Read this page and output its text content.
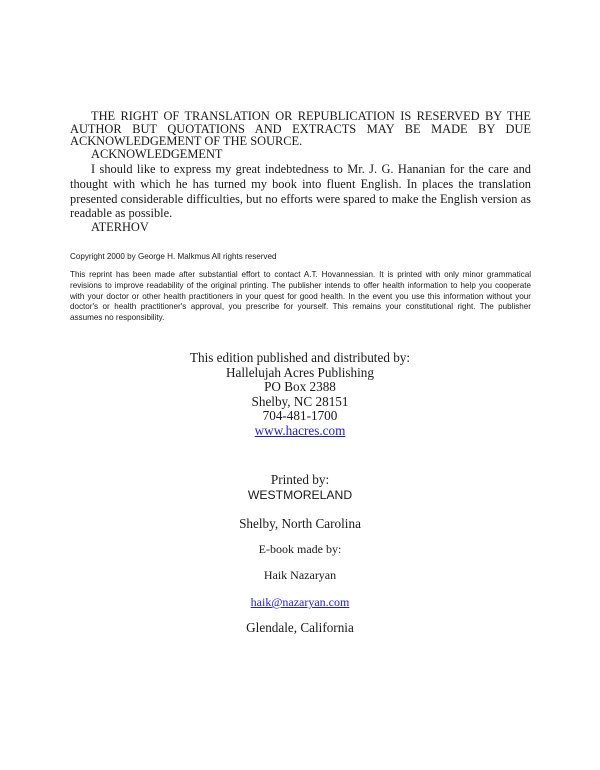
THE RIGHT OF TRANSLATION OR REPUBLICATION IS RESERVED BY THE AUTHOR BUT QUOTATIONS AND EXTRACTS MAY BE MADE BY DUE ACKNOWLEDGEMENT OF THE SOURCE.

ACKNOWLEDGEMENT

I should like to express my great indebtedness to Mr. J. G. Hananian for the care and thought with which he has turned my book into fluent English. In places the translation presented considerable difficulties, but no efforts were spared to make the English version as readable as possible.

ATERHOV

Copyright 2000 by George H. Malkmus All rights reserved
This reprint has been made after substantial effort to contact A.T. Hovannessian. It is printed with only minor grammatical revisions to improve readability of the original printing. The publisher intends to offer health information to help you cooperate with your doctor or other health practitioners in your quest for good health. In the event you use this information without your doctor's or health practitioner's approval, you prescribe for yourself. This remains your constitutional right. The publisher assumes no responsibility.
This edition published and distributed by:
Hallelujah Acres Publishing
PO Box 2388
Shelby, NC 28151
704-481-1700
www.hacres.com
Printed by:
WESTMORELAND
Shelby, North Carolina
E-book made by:
Haik Nazaryan
haik@nazaryan.com
Glendale, California
